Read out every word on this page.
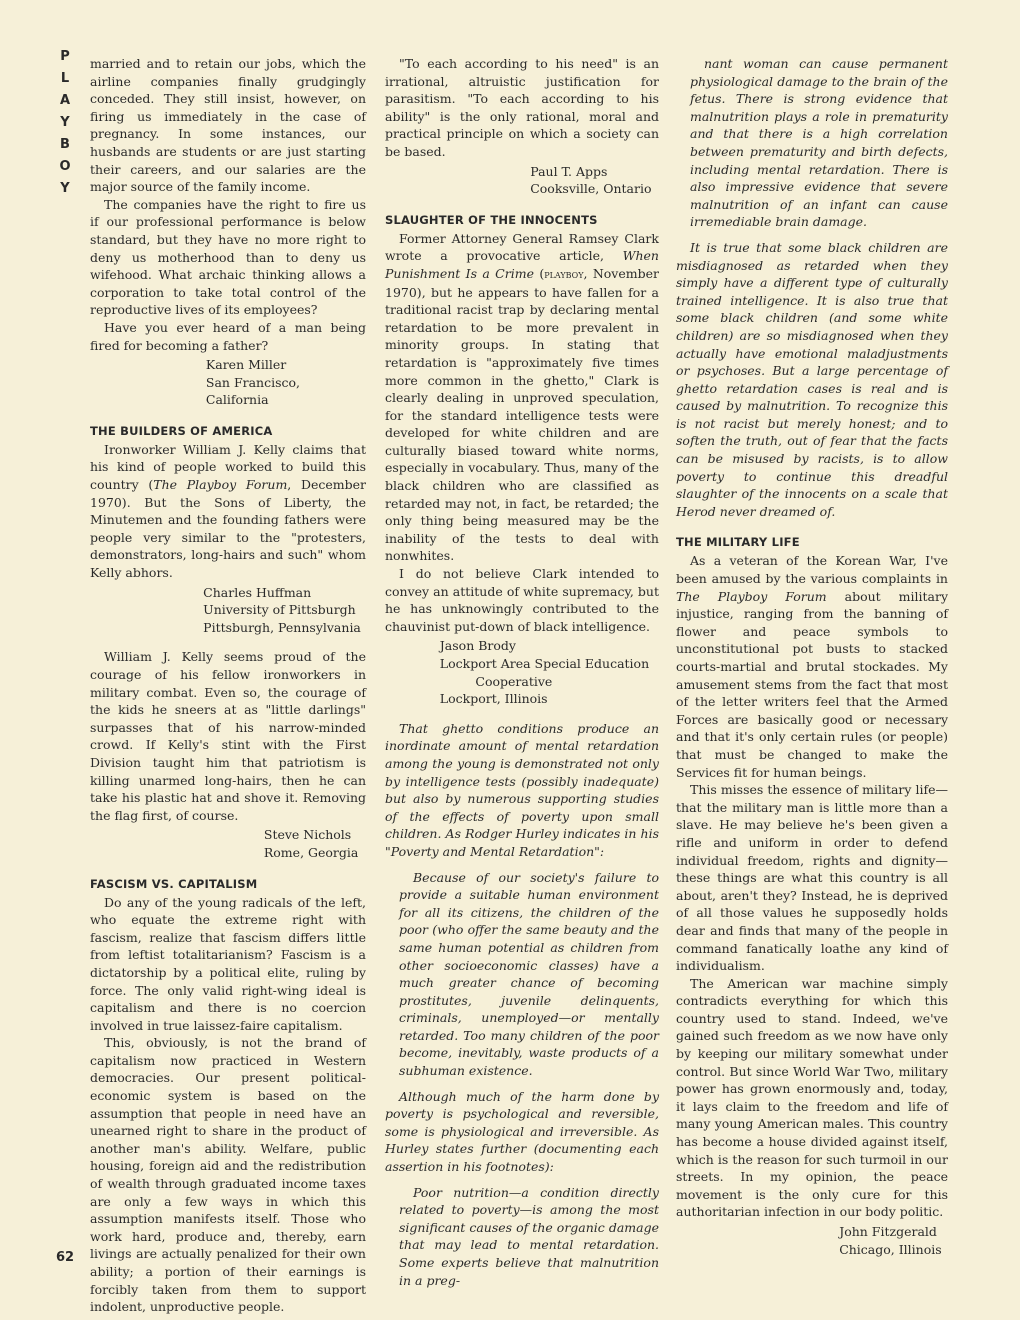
P
L
A
Y
B
O
Y
62

married and to retain our jobs, which the airline companies finally grudgingly conceded. They still insist, however, on firing us immediately in the case of pregnancy. In some instances, our husbands are students or are just starting their careers, and our salaries are the major source of the family income.

The companies have the right to fire us if our professional performance is below standard, but they have no more right to deny us motherhood than to deny us wifehood. What archaic thinking allows a corporation to take total control of the reproductive lives of its employees?

Have you ever heard of a man being fired for becoming a father?

Karen Miller
San Francisco, California
THE BUILDERS OF AMERICA

Ironworker William J. Kelly claims that his kind of people worked to build this country (The Playboy Forum, December 1970). But the Sons of Liberty, the Minutemen and the founding fathers were people very similar to the "protesters, demonstrators, long-hairs and such" whom Kelly abhors.

Charles Huffman
University of Pittsburgh
Pittsburgh, Pennsylvania

William J. Kelly seems proud of the courage of his fellow ironworkers in military combat. Even so, the courage of the kids he sneers at as "little darlings" surpasses that of his narrow-minded crowd. If Kelly's stint with the First Division taught him that patriotism is killing unarmed long-hairs, then he can take his plastic hat and shove it. Removing the flag first, of course.

Steve Nichols
Rome, Georgia
FASCISM VS. CAPITALISM

Do any of the young radicals of the left, who equate the extreme right with fascism, realize that fascism differs little from leftist totalitarianism? Fascism is a dictatorship by a political elite, ruling by force. The only valid right-wing ideal is capitalism and there is no coercion involved in true laissez-faire capitalism.

This, obviously, is not the brand of capitalism now practiced in Western democracies. Our present political-economic system is based on the assumption that people in need have an unearned right to share in the product of another man's ability. Welfare, public housing, foreign aid and the redistribution of wealth through graduated income taxes are only a few ways in which this assumption manifests itself. Those who work hard, produce and, thereby, earn livings are actually penalized for their own ability; a portion of their earnings is forcibly taken from them to support indolent, unproductive people.

"To each according to his need" is an irrational, altruistic justification for parasitism. "To each according to his ability" is the only rational, moral and practical principle on which a society can be based.

Paul T. Apps
Cooksville, Ontario
SLAUGHTER OF THE INNOCENTS

Former Attorney General Ramsey Clark wrote a provocative article, When Punishment Is a Crime (playboy, November 1970), but he appears to have fallen for a traditional racist trap by declaring mental retardation to be more prevalent in minority groups. In stating that retardation is "approximately five times more common in the ghetto," Clark is clearly dealing in unproved speculation, for the standard intelligence tests were developed for white children and are culturally biased toward white norms, especially in vocabulary. Thus, many of the black children who are classified as retarded may not, in fact, be retarded; the only thing being measured may be the inability of the tests to deal with nonwhites.

I do not believe Clark intended to convey an attitude of white supremacy, but he has unknowingly contributed to the chauvinist put-down of black intelligence.

Jason Brody
Lockport Area Special Education
Cooperative
Lockport, Illinois

That ghetto conditions produce an inordinate amount of mental retardation among the young is demonstrated not only by intelligence tests (possibly inadequate) but also by numerous supporting studies of the effects of poverty upon small children. As Rodger Hurley indicates in his "Poverty and Mental Retardation":

Because of our society's failure to provide a suitable human environment for all its citizens, the children of the poor (who offer the same beauty and the same human potential as children from other socioeconomic classes) have a much greater chance of becoming prostitutes, juvenile delinquents, criminals, unemployed—or mentally retarded. Too many children of the poor become, inevitably, waste products of a subhuman existence.

Although much of the harm done by poverty is psychological and reversible, some is physiological and irreversible. As Hurley states further (documenting each assertion in his footnotes):

Poor nutrition—a condition directly related to poverty—is among the most significant causes of the organic damage that may lead to mental retardation. Some experts believe that malnutrition in a preg-

nant woman can cause permanent physiological damage to the brain of the fetus. There is strong evidence that malnutrition plays a role in prematurity and that there is a high correlation between prematurity and birth defects, including mental retardation. There is also impressive evidence that severe malnutrition of an infant can cause irremediable brain damage.

It is true that some black children are misdiagnosed as retarded when they simply have a different type of culturally trained intelligence. It is also true that some black children (and some white children) are so misdiagnosed when they actually have emotional maladjustments or psychoses. But a large percentage of ghetto retardation cases is real and is caused by malnutrition. To recognize this is not racist but merely honest; and to soften the truth, out of fear that the facts can be misused by racists, is to allow poverty to continue this dreadful slaughter of the innocents on a scale that Herod never dreamed of.

THE MILITARY LIFE

As a veteran of the Korean War, I've been amused by the various complaints in The Playboy Forum about military injustice, ranging from the banning of flower and peace symbols to unconstitutional pot busts to stacked courts-martial and brutal stockades. My amusement stems from the fact that most of the letter writers feel that the Armed Forces are basically good or necessary and that it's only certain rules (or people) that must be changed to make the Services fit for human beings.

This misses the essence of military life—that the military man is little more than a slave. He may believe he's been given a rifle and uniform in order to defend individual freedom, rights and dignity—these things are what this country is all about, aren't they? Instead, he is deprived of all those values he supposedly holds dear and finds that many of the people in command fanatically loathe any kind of individualism.

The American war machine simply contradicts everything for which this country used to stand. Indeed, we've gained such freedom as we now have only by keeping our military somewhat under control. But since World War Two, military power has grown enormously and, today, it lays claim to the freedom and life of many young American males. This country has become a house divided against itself, which is the reason for such turmoil in our streets. In my opinion, the peace movement is the only cure for this authoritarian infection in our body politic.

John Fitzgerald
Chicago, Illinois
